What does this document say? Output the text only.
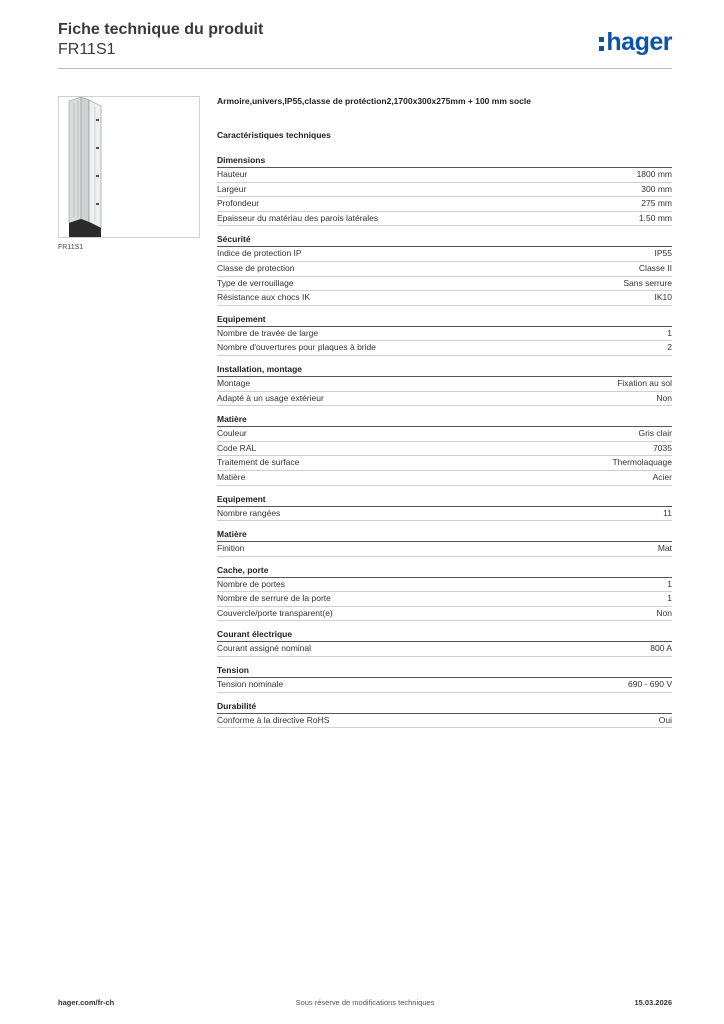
Fiche technique du produit
FR11S1	hager
FR11S1
Armoire,univers,IP55,classe de protéction2,1700x300x275mm + 100 mm socle
Caractéristiques techniques
Dimensions
Hauteur	1800 mm
Largeur	300 mm
Profondeur	275 mm
Epaisseur du matériau des parois latérales	1.50 mm
Sécurité
Indice de protection IP	IP55
Classe de protection	Classe II
Type de verrouillage	Sans serrure
Résistance aux chocs IK	IK10
Equipement
Nombre de travée de large	1
Nombre d'ouvertures pour plaques à bride	2
Installation, montage
Montage	Fixation au sol
Adapté à un usage extérieur	Non
Matière
Couleur	Gris clair
Code RAL	7035
Traitement de surface	Thermolaquage
Matière	Acier
Equipement
Nombre rangées	11
Matière
Finition	Mat
Cache, porte
Nombre de portes	1
Nombre de serrure de la porte	1
Couvercle/porte transparent(e)	Non
Courant électrique
Courant assigné nominal	800 A
Tension
Tension nominale	690 - 690 V
Durabilité
Conforme à la directive RoHS	Oui
hager.com/fr-ch	Sous réserve de modifications techniques	15.03.2026
